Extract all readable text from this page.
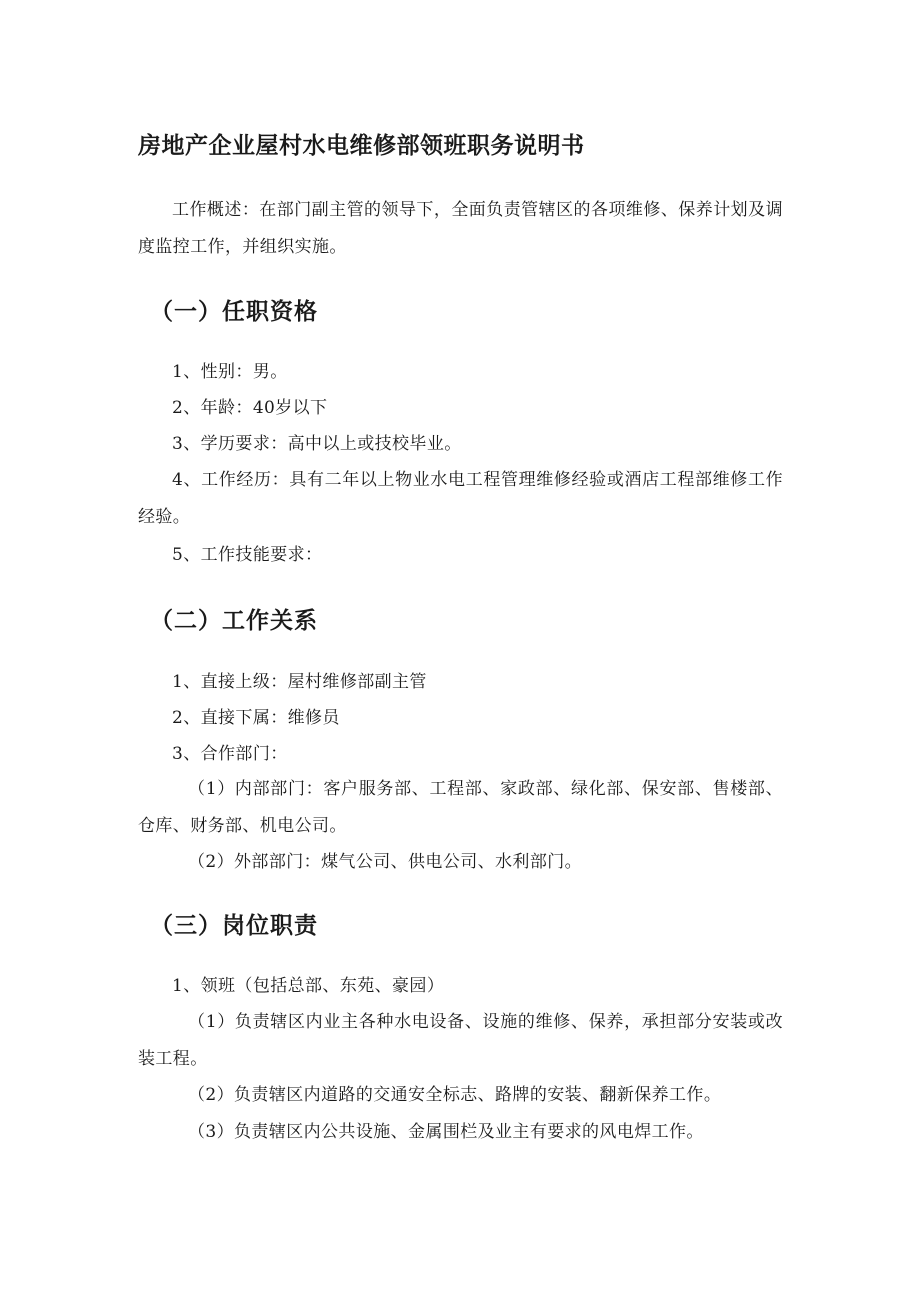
房地产企业屋村水电维修部领班职务说明书
工作概述：在部门副主管的领导下，全面负责管辖区的各项维修、保养计划及调度监控工作，并组织实施。
（一）任职资格
1、性别：男。
2、年龄：40岁以下
3、学历要求：高中以上或技校毕业。
4、工作经历：具有二年以上物业水电工程管理维修经验或酒店工程部维修工作经验。
5、工作技能要求：
（二）工作关系
1、直接上级：屋村维修部副主管
2、直接下属：维修员
3、合作部门：
（1）内部部门：客户服务部、工程部、家政部、绿化部、保安部、售楼部、仓库、财务部、机电公司。
（2）外部部门：煤气公司、供电公司、水利部门。
（三）岗位职责
1、领班（包括总部、东苑、豪园）
（1）负责辖区内业主各种水电设备、设施的维修、保养，承担部分安装或改装工程。
（2）负责辖区内道路的交通安全标志、路牌的安装、翻新保养工作。
（3）负责辖区内公共设施、金属围栏及业主有要求的风电焊工作。
